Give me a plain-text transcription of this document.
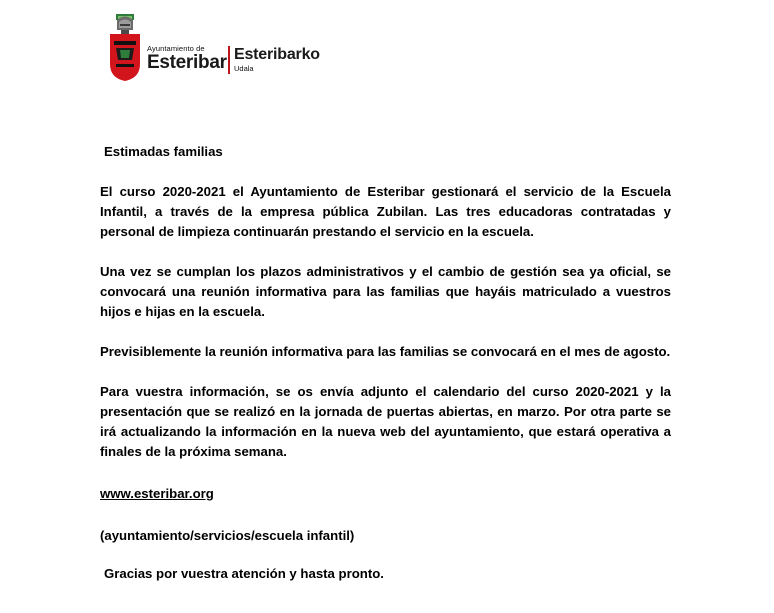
Ayuntamiento de
Esteribar Esteribarko
Udala

Estimadas familias

El curso 2020-2021 el Ayuntamiento de Esteribar gestionará el servicio de la Escuela Infantil, a través de la empresa pública Zubilan. Las tres educadoras contratadas y personal de limpieza continuarán prestando el servicio en la escuela.

Una vez se cumplan los plazos administrativos y el cambio de gestión sea ya oficial, se convocará una reunión informativa para las familias que hayáis matriculado a vuestros hijos e hijas en la escuela.

Previsiblemente la reunión informativa para las familias se convocará en el mes de agosto.

Para vuestra información, se os envía adjunto el calendario del curso 2020-2021 y la presentación que se realizó en la jornada de puertas abiertas, en marzo. Por otra parte se irá actualizando la información en la nueva web del ayuntamiento, que estará operativa a finales de la próxima semana.

www.esteribar.org

(ayuntamiento/servicios/escuela infantil)

Gracias por vuestra atención y hasta pronto.
